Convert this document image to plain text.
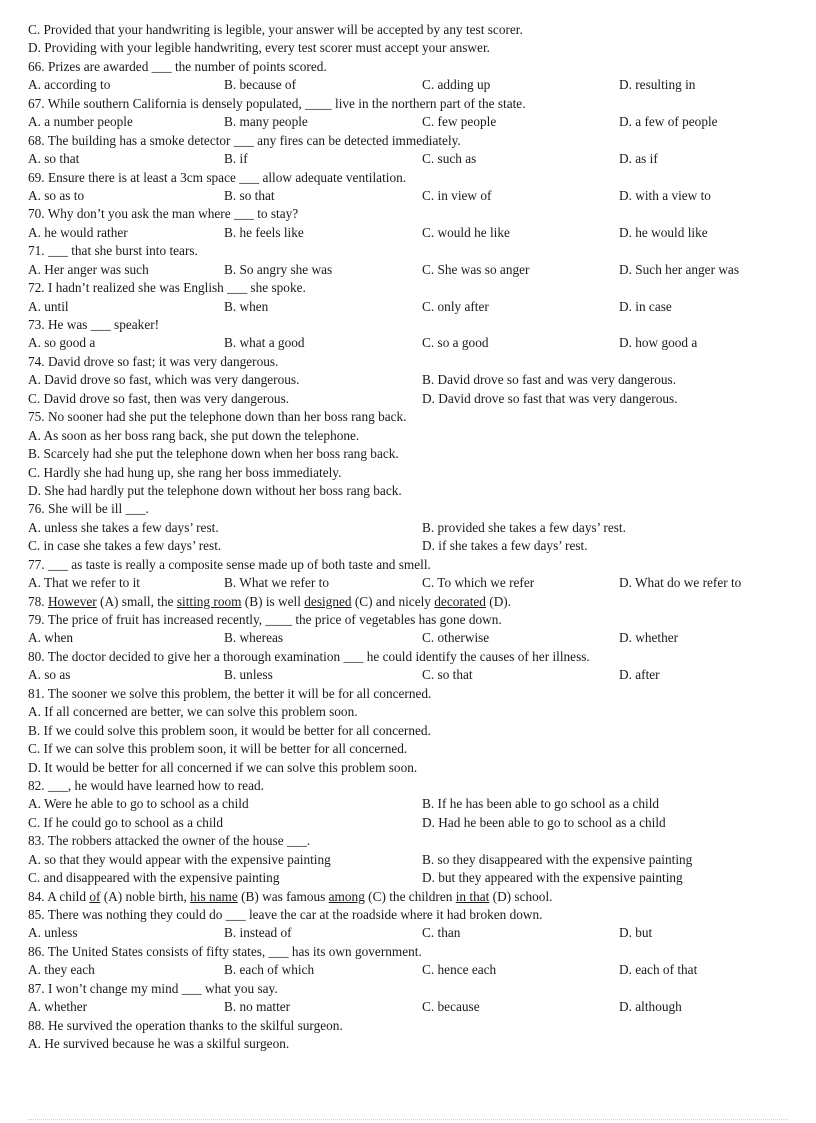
C. Provided that your handwriting is legible, your answer will be accepted by any test scorer.
D. Providing with your legible handwriting, every test scorer must accept your answer.
66. Prizes are awarded ___ the number of points scored.
A. according to	B. because of	C. adding up	D. resulting in
67. While southern California is densely populated, ____ live in the northern part of the state.
A. a number people	B. many people	C. few people	D. a few of people
68. The building has a smoke detector ___ any fires can be detected immediately.
A. so that	B. if	C. such as	D. as if
69. Ensure there is at least a 3cm space ___ allow adequate ventilation.
A. so as to	B. so that	C. in view of	D. with a view to
70. Why don’t you ask the man where ___ to stay?
A. he would rather	B. he feels like	C. would he like	D. he would like
71. ___ that she burst into tears.
A. Her anger was such	B. So angry she was	C. She was so anger	D. Such her anger was
72. I hadn’t realized she was English ___ she spoke.
A. until	B. when	C. only after	D. in case
73. He was ___ speaker!
A. so good a	B. what a good	C. so a good	D. how good a
74. David drove so fast; it was very dangerous.
A. David drove so fast, which was very dangerous.	B. David drove so fast and was very dangerous.
C. David drove so fast, then was very dangerous.	D. David drove so fast that was very dangerous.
75. No sooner had she put the telephone down than her boss rang back.
A. As soon as her boss rang back, she put down the telephone.
B. Scarcely had she put the telephone down when her boss rang back.
C. Hardly she had hung up, she rang her boss immediately.
D. She had hardly put the telephone down without her boss rang back.
76. She will be ill ___.
A. unless she takes a few days’ rest.	B. provided she takes a few days’ rest.
C. in case she takes a few days’ rest.	D. if she takes a few days’ rest.
77. ___ as taste is really a composite sense made up of both taste and smell.
A. That we refer to it	B. What we refer to	C. To which we refer	D. What do we refer to
78. However (A) small, the sitting room (B) is well designed (C) and nicely decorated (D).
79. The price of fruit has increased recently, ____ the price of vegetables has gone down.
A. when	B. whereas	C. otherwise	D. whether
80. The doctor decided to give her a thorough examination ___ he could identify the causes of her illness.
A. so as	B. unless	C. so that	D. after
81. The sooner we solve this problem, the better it will be for all concerned.
A. If all concerned are better, we can solve this problem soon.
B. If we could solve this problem soon, it would be better for all concerned.
C. If we can solve this problem soon, it will be better for all concerned.
D. It would be better for all concerned if we can solve this problem soon.
82. ___, he would have learned how to read.
A. Were he able to go to school as a child	B. If he has been able to go school as a child
C. If he could go to school as a child	D. Had he been able to go to school as a child
83. The robbers attacked the owner of the house ___.
A. so that they would appear with the expensive painting	B. so they disappeared with the expensive painting
C. and disappeared with the expensive painting	D. but they appeared with the expensive painting
84. A child of (A) noble birth, his name (B) was famous among (C) the children in that (D) school.
85. There was nothing they could do ___ leave the car at the roadside where it had broken down.
A. unless	B. instead of	C. than	D. but
86. The United States consists of fifty states, ___ has its own government.
A. they each	B. each of which	C. hence each	D. each of that
87. I won’t change my mind ___ what you say.
A. whether	B. no matter	C. because	D. although
88. He survived the operation thanks to the skilful surgeon.
A. He survived because he was a skilful surgeon.
